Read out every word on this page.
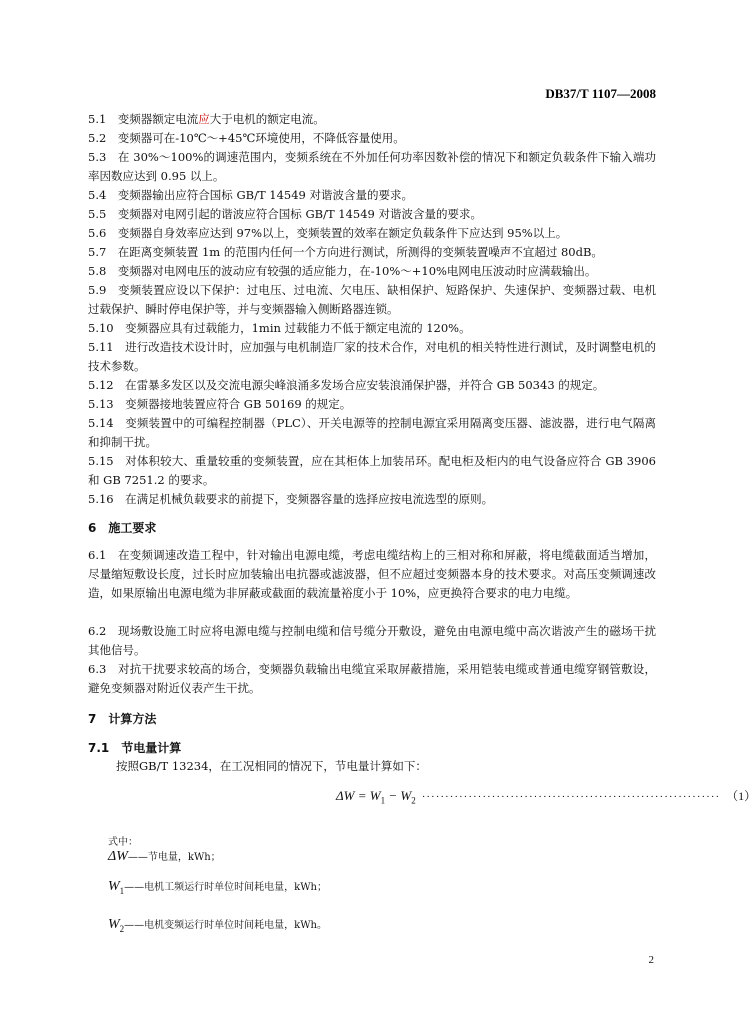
DB37/T 1107—2008
5.1  变频器额定电流应大于电机的额定电流。
5.2  变频器可在-10℃～+45℃环境使用，不降低容量使用。
5.3  在 30%～100%的调速范围内，变频系统在不外加任何功率因数补偿的情况下和额定负载条件下输入端功率因数应达到 0.95 以上。
5.4  变频器输出应符合国标 GB/T 14549 对谐波含量的要求。
5.5  变频器对电网引起的谐波应符合国标 GB/T 14549 对谐波含量的要求。
5.6  变频器自身效率应达到 97%以上，变频装置的效率在额定负载条件下应达到 95%以上。
5.7  在距离变频装置 1m 的范围内任何一个方向进行测试，所测得的变频装置噪声不宜超过 80dB。
5.8  变频器对电网电压的波动应有较强的适应能力，在-10%～+10%电网电压波动时应满载输出。
5.9  变频装置应设以下保护：过电压、过电流、欠电压、缺相保护、短路保护、失速保护、变频器过载、电机过载保护、瞬时停电保护等，并与变频器输入侧断路器连锁。
5.10  变频器应具有过载能力，1min 过载能力不低于额定电流的 120%。
5.11  进行改造技术设计时，应加强与电机制造厂家的技术合作，对电机的相关特性进行测试，及时调整电机的技术参数。
5.12  在雷暴多发区以及交流电源尖峰浪涌多发场合应安装浪涌保护器，并符合 GB 50343 的规定。
5.13  变频器接地装置应符合 GB 50169 的规定。
5.14  变频装置中的可编程控制器（PLC）、开关电源等的控制电源宜采用隔离变压器、滤波器，进行电气隔离和抑制干扰。
5.15  对体积较大、重量较重的变频装置，应在其柜体上加装吊环。配电柜及柜内的电气设备应符合 GB 3906 和 GB 7251.2 的要求。
5.16  在满足机械负载要求的前提下，变频器容量的选择应按电流选型的原则。
6　施工要求
6.1  在变频调速改造工程中，针对输出电源电缆，考虑电缆结构上的三相对称和屏蔽，将电缆截面适当增加，尽量缩短敷设长度，过长时应加装输出电抗器或滤波器，但不应超过变频器本身的技术要求。对高压变频调速改造，如果原输出电源电缆为非屏蔽或截面的载流量裕度小于 10%，应更换符合要求的电力电缆。
6.2  现场敷设施工时应将电源电缆与控制电缆和信号缆分开敷设，避免由电源电缆中高次谐波产生的磁场干扰其他信号。
6.3  对抗干扰要求较高的场合，变频器负载输出电缆宜采取屏蔽措施，采用铠装电缆或普通电缆穿钢管敷设，避免变频器对附近仪表产生干扰。
7　计算方法
7.1　节电量计算
按照GB/T 13234，在工况相同的情况下，节电量计算如下：
$\Delta W = W_1 - W_2$ ································································ （1）
式中：
ΔW——节电量，kWh；
$W_1——$电机工频运行时单位时间耗电量，kWh；
$W_2——$电机变频运行时单位时间耗电量，kWh。
2
